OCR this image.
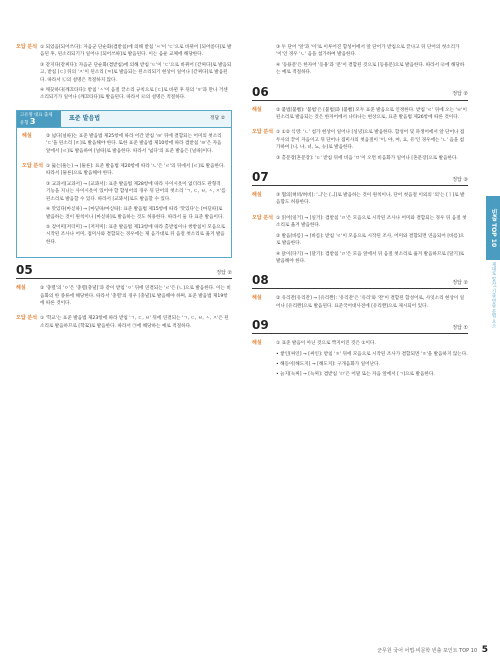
오답 분석 ① 되었음[되어쓰다]: 자음군 단순화(겹받침)에 의해 받침 'ㅆ'이 'ㄷ'으로 바뀌어 [되어쓷다]로 발음된 후, 된소리되기가 일어나 [되어쓰따]로 발음된다. 이는 음운 교체에 해당한다.

③ 같지다[같찌다]: 자음군 단순화(겹받침)에 의해 받침 'ㅌ'이 'ㄷ'으로 바뀌어 [갇찌다]로 발음되고, 받침 [ㄷ] 뒤의 'ㅈ'이 된소리 [ㅉ]로 발음되는 된소리되기 현상이 일어나 [갇찌다]로 발음된다. 따라서 ㉡의 설명은 적절하지 않다.

④ 깨끗하다[깨끄타다]: 받침 'ㅅ'이 음절 끝소리 규칙으로 [ㄷ]로 바뀐 후 뒤의 'ㅎ'과 만나 거센소리되기가 일어나 [깨끄타다]로 발음된다. 따라서 ㉣의 설명은 적절하다.

고유명 대표 출제 유형 3	표준 발음법	정답 ②
해설	② 넓다[널따]는 표준 발음법 제25항에 따라 어간 받침 'ㄼ' 뒤에 결합되는 어미의 첫소리 'ㄷ'을 된소리 [ㄸ]로 발음해야 한다. 또한 표준 발음법 제10항에 따라 겹받침 'ㄼ'은 자음 앞에서 [ㄹ]로 발음하여 [널따]로 발음한다. 따라서 '넓다'의 표준 발음은 [널따]이다.

오답 분석 ① 뚫는[뚤는] → [뚤른]: 표준 발음법 제20항에 따라 'ㄴ'은 'ㄹ'의 뒤에서 [ㄹ]로 발음한다. 따라서 [뚤른]으로 발음해야 한다.

③ 교과서[교과서] → [교꽈서]: 표준 발음법 제28항에 따라 사이시옷이 없더라도 관형격 기능을 지니는 사이시옷이 있어야 할 합성어의 경우 뒤 단어의 첫소리 'ㄱ, ㄷ, ㅂ, ㅅ, ㅈ'를 된소리로 발음할 수 있다. 따라서 [교꽈서]로도 발음할 수 있다.

④ 맛있다[마싣따] → [마딛따/마싣따]: 표준 발음법 제15항에 따라 '맛있다'는 [마딛따]로 발음하는 것이 원칙이나 [마싣따]로 발음하는 것도 허용한다. 따라서 둘 다 표준 발음이다.

⑤ 젖어미[저더미] → [저저미]: 표준 발음법 제13항에 따라 홑받침이나 쌍받침이 모음으로 시작된 조사나 어미, 접미사와 결합되는 경우에는 제 음가대로 뒤 음절 첫소리로 옮겨 발음한다.

05	정답 ②
해설	② '충렬'의 'ㅇ'은 '충렬[충녈]'과 같이 받침 'ㅇ' 뒤에 연결되는 'ㄹ'은 [ㄴ]으로 발음한다. 이는 비음화의 한 종류에 해당한다. 따라서 '충렬'의 경우 [충녈]로 발음해야 하며, 표준 발음법 제19항에 따른 것이다.

오답 분석 ① '학교'는 표준 발음법 제23항에 따라 받침 'ㄱ, ㄷ, ㅂ' 뒤에 연결되는 'ㄱ, ㄷ, ㅂ, ㅅ, ㅈ'은 된소리로 발음하므로 [학꾜]로 발음한다. 따라서 ㉠에 해당하는 예로 적절하다.

③ 두 단어 '앞'과 '이'로 이루어진 합성어에서 앞 단어가 받침으로 끝나고 뒤 단어의 첫소리가 '이'인 경우 'ㄴ' 음을 첨가하여 발음한다.

④ '등용문'은 한자어 '등용'과 '문'이 결합된 것으로 [등용문]으로 발음한다. 따라서 ㉣에 해당하는 예로 적절하다.

06	정답 ②
해설	② 불법[불뻡]: '불법'은 [불법]과 [불뻡] 모두 표준 발음으로 인정한다. 받침 'ㄹ' 뒤에 오는 'ㅂ'이 된소리로 발음되는 것은 한자어에서 나타나는 현상으로, 표준 발음법 제26항에 따른 것이다.

오답 분석 ① ①② 식영: 'ㄴ' 첨가 현상이 일어나 [싱녕]으로 발음한다. 합성어 및 파생어에서 앞 단어나 접두사의 끝이 자음이고 뒤 단어나 접미사의 첫음절이 '이, 야, 여, 요, 유'인 경우에는 'ㄴ' 음을 첨가하여 [니, 냐, 녀, 뇨, 뉴]로 발음한다.

③ 홑문장[혼문장]: 'ㅌ' 받침 뒤에 비음 'ㅁ'이 오면 비음화가 일어나 [혼문장]으로 발음한다.

07	정답 ③
해설	③ 협의[혀븨/혀비]: 'ㅢ'는 [ㅢ]로 발음하는 것이 원칙이나, 단어 첫음절 이외의 '의'는 [ㅣ]로 발음함도 허용한다.

오답 분석 ① 읽어[일거] → [일거]: 겹받침 'ㄺ'은 모음으로 시작된 조사나 어미와 결합되는 경우 뒤 음절 첫소리로 옮겨 발음한다.

② 발음[바름] → [바름]: 받침 'ㄹ'이 모음으로 시작된 조사, 어미와 결합되면 연음되어 [바름]으로 발음한다.

④ 닭이[다기] → [달기]: 겹받침 'ㄺ'은 모음 앞에서 뒤 음절 첫소리로 옮겨 발음하므로 [달기]로 발음해야 한다.

08	정답 ②
해설	② 유리잔[유리잔] → [유리짠]: '유리잔'은 '유리'와 '잔'이 결합된 합성어로, 사잇소리 현상이 일어나 [유리짠]으로 발음된다. 표준국어대사전에 [유리짠]으로 제시되어 있다.

09	정답 ①
해설	① 표준 발음이 아닌 것으로 짝지어진 것은 ①이다.

• 쌓인[싸인] → [싸인]: 받침 'ㅎ' 뒤에 모음으로 시작된 조사가 결합되면 'ㅎ'을 발음하지 않는다.

• 해돋이[해도지] → [해도지]: 구개음화가 일어난다.

• 늙지[늑찌] → [늑찌]: 겹받침 'ㄺ'은 어말 또는 자음 앞에서 [ㄱ]으로 발음한다.

빈출 TOP 10
제대로 알자! 기출 빈출 문법 요소
군무원 국어 어법·비문학 빈출 포인트 TOP 10 5
